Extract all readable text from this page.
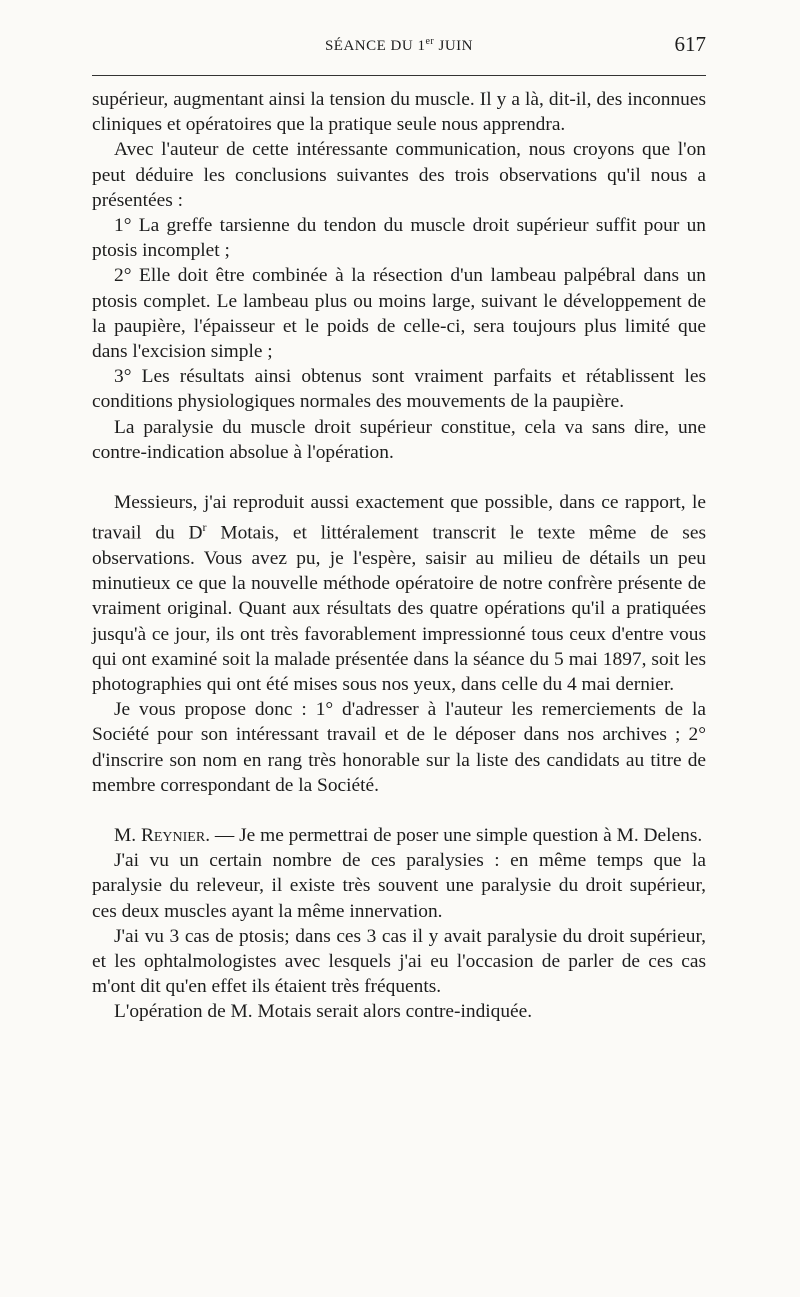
SÉANCE DU 1er JUIN	617

supérieur, augmentant ainsi la tension du muscle. Il y a là, dit-il, des inconnues cliniques et opératoires que la pratique seule nous apprendra.

Avec l'auteur de cette intéressante communication, nous croyons que l'on peut déduire les conclusions suivantes des trois observations qu'il nous a présentées :

1° La greffe tarsienne du tendon du muscle droit supérieur suffit pour un ptosis incomplet ;

2° Elle doit être combinée à la résection d'un lambeau palpébral dans un ptosis complet. Le lambeau plus ou moins large, suivant le développement de la paupière, l'épaisseur et le poids de celle-ci, sera toujours plus limité que dans l'excision simple ;

3° Les résultats ainsi obtenus sont vraiment parfaits et rétablissent les conditions physiologiques normales des mouvements de la paupière.

La paralysie du muscle droit supérieur constitue, cela va sans dire, une contre-indication absolue à l'opération.

Messieurs, j'ai reproduit aussi exactement que possible, dans ce rapport, le travail du $D^r$ Motais, et littéralement transcrit le texte même de ses observations. Vous avez pu, je l'espère, saisir au milieu de détails un peu minutieux ce que la nouvelle méthode opératoire de notre confrère présente de vraiment original. Quant aux résultats des quatre opérations qu'il a pratiquées jusqu'à ce jour, ils ont très favorablement impressionné tous ceux d'entre vous qui ont examiné soit la malade présentée dans la séance du 5 mai 1897, soit les photographies qui ont été mises sous nos yeux, dans celle du 4 mai dernier.

Je vous propose donc : 1° d'adresser à l'auteur les remerciements de la Société pour son intéressant travail et de le déposer dans nos archives ; 2° d'inscrire son nom en rang très honorable sur la liste des candidats au titre de membre correspondant de la Société.

M. Reynier. — Je me permettrai de poser une simple question à M. Delens.

J'ai vu un certain nombre de ces paralysies : en même temps que la paralysie du releveur, il existe très souvent une paralysie du droit supérieur, ces deux muscles ayant la même innervation.

J'ai vu 3 cas de ptosis; dans ces 3 cas il y avait paralysie du droit supérieur, et les ophtalmologistes avec lesquels j'ai eu l'occasion de parler de ces cas m'ont dit qu'en effet ils étaient très fréquents.

L'opération de M. Motais serait alors contre-indiquée.
